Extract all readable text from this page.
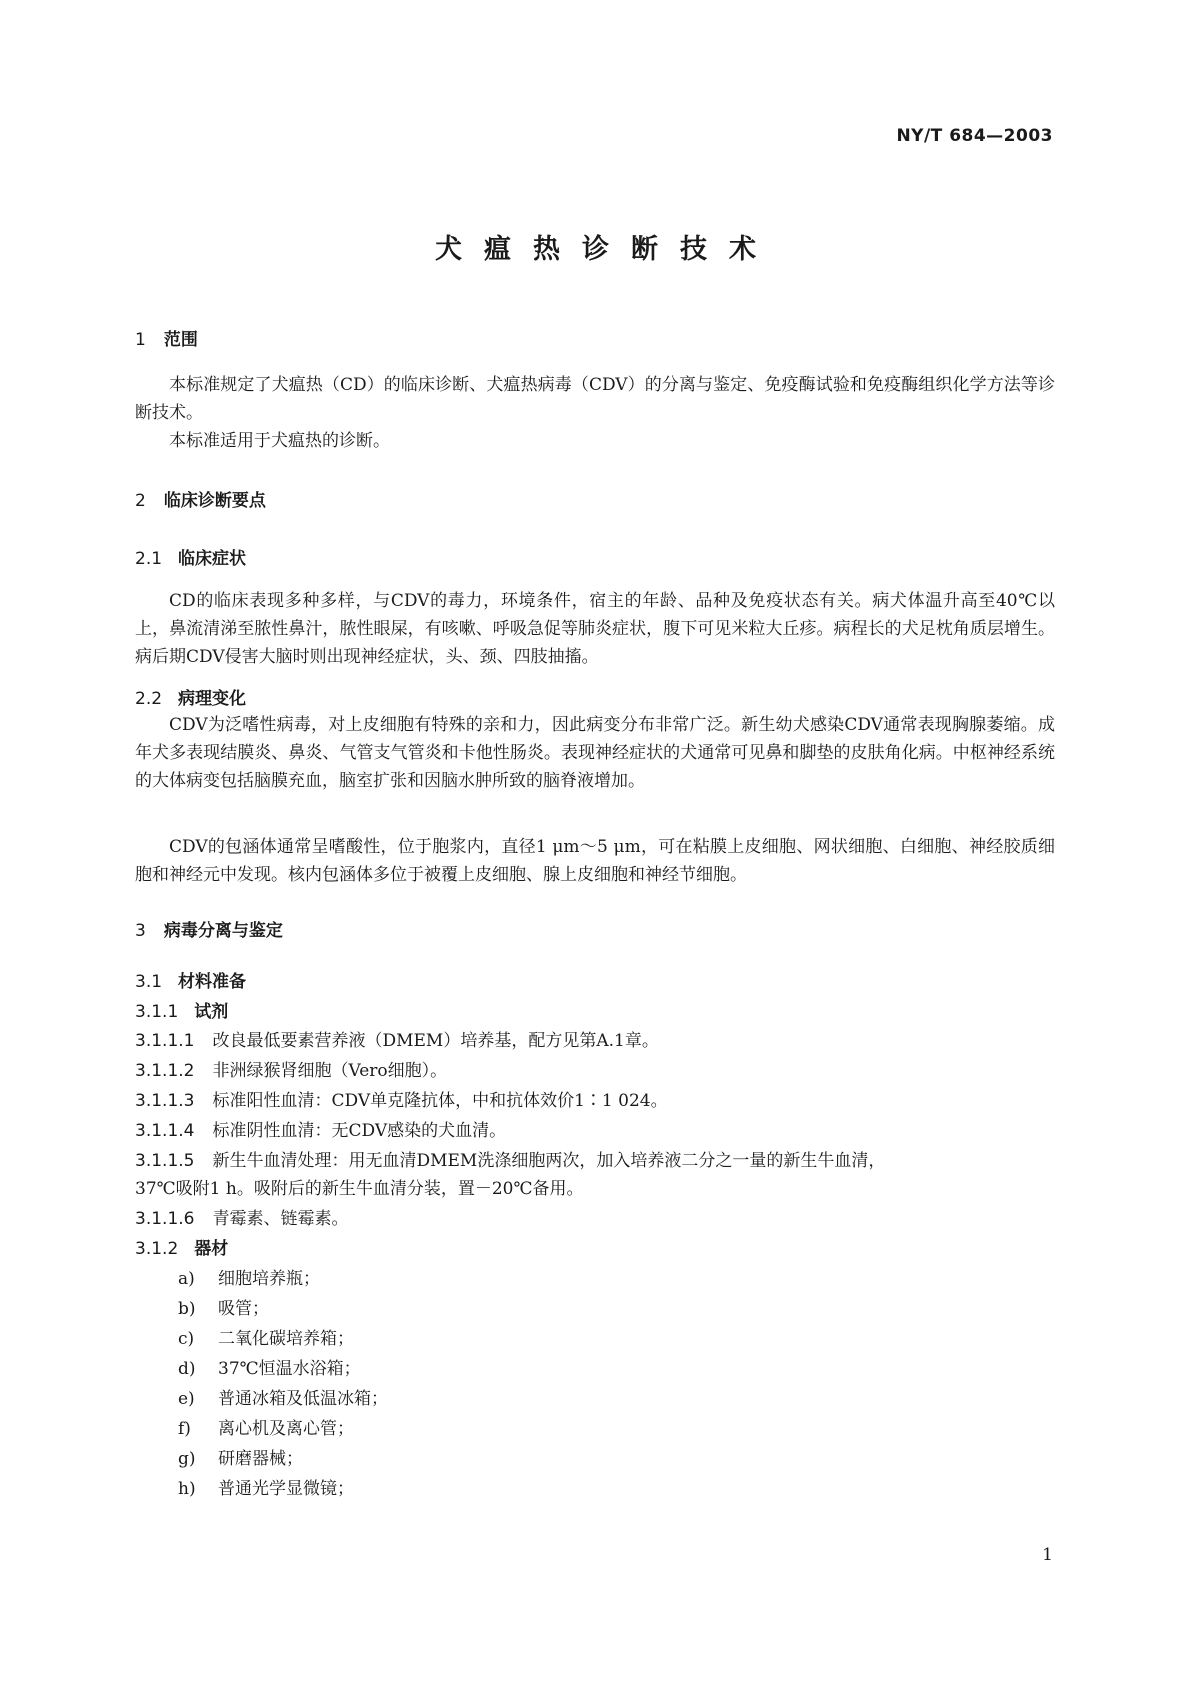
NY/T 684—2003
犬瘟热诊断技术
1 范围
本标准规定了犬瘟热（CD）的临床诊断、犬瘟热病毒（CDV）的分离与鉴定、免疫酶试验和免疫酶组织化学方法等诊断技术。
本标准适用于犬瘟热的诊断。
2 临床诊断要点
2.1 临床症状
CD的临床表现多种多样，与CDV的毒力，环境条件，宿主的年龄、品种及免疫状态有关。病犬体温升高至40℃以上，鼻流清涕至脓性鼻汁，脓性眼屎，有咳嗽、呼吸急促等肺炎症状，腹下可见米粒大丘疹。病程长的犬足枕角质层增生。病后期CDV侵害大脑时则出现神经症状，头、颈、四肢抽搐。
2.2 病理变化
CDV为泛嗜性病毒，对上皮细胞有特殊的亲和力，因此病变分布非常广泛。新生幼犬感染CDV通常表现胸腺萎缩。成年犬多表现结膜炎、鼻炎、气管支气管炎和卡他性肠炎。表现神经症状的犬通常可见鼻和脚垫的皮肤角化病。中枢神经系统的大体病变包括脑膜充血，脑室扩张和因脑水肿所致的脑脊液增加。
CDV的包涵体通常呈嗜酸性，位于胞浆内，直径1 μm～5 μm，可在粘膜上皮细胞、网状细胞、白细胞、神经胶质细胞和神经元中发现。核内包涵体多位于被覆上皮细胞、腺上皮细胞和神经节细胞。
3 病毒分离与鉴定
3.1 材料准备
3.1.1 试剂
3.1.1.1 改良最低要素营养液（DMEM）培养基，配方见第A.1章。
3.1.1.2 非洲绿猴肾细胞（Vero细胞）。
3.1.1.3 标准阳性血清：CDV单克隆抗体，中和抗体效价1∶1 024。
3.1.1.4 标准阴性血清：无CDV感染的犬血清。
3.1.1.5 新生牛血清处理：用无血清DMEM洗涤细胞两次，加入培养液二分之一量的新生牛血清，
37℃吸附1 h。吸附后的新生牛血清分装，置－20℃备用。
3.1.1.6 青霉素、链霉素。
3.1.2 器材
a) 细胞培养瓶；
b) 吸管；
c) 二氧化碳培养箱；
d) 37℃恒温水浴箱；
e) 普通冰箱及低温冰箱；
f) 离心机及离心管；
g) 研磨器械；
h) 普通光学显微镜；
1
